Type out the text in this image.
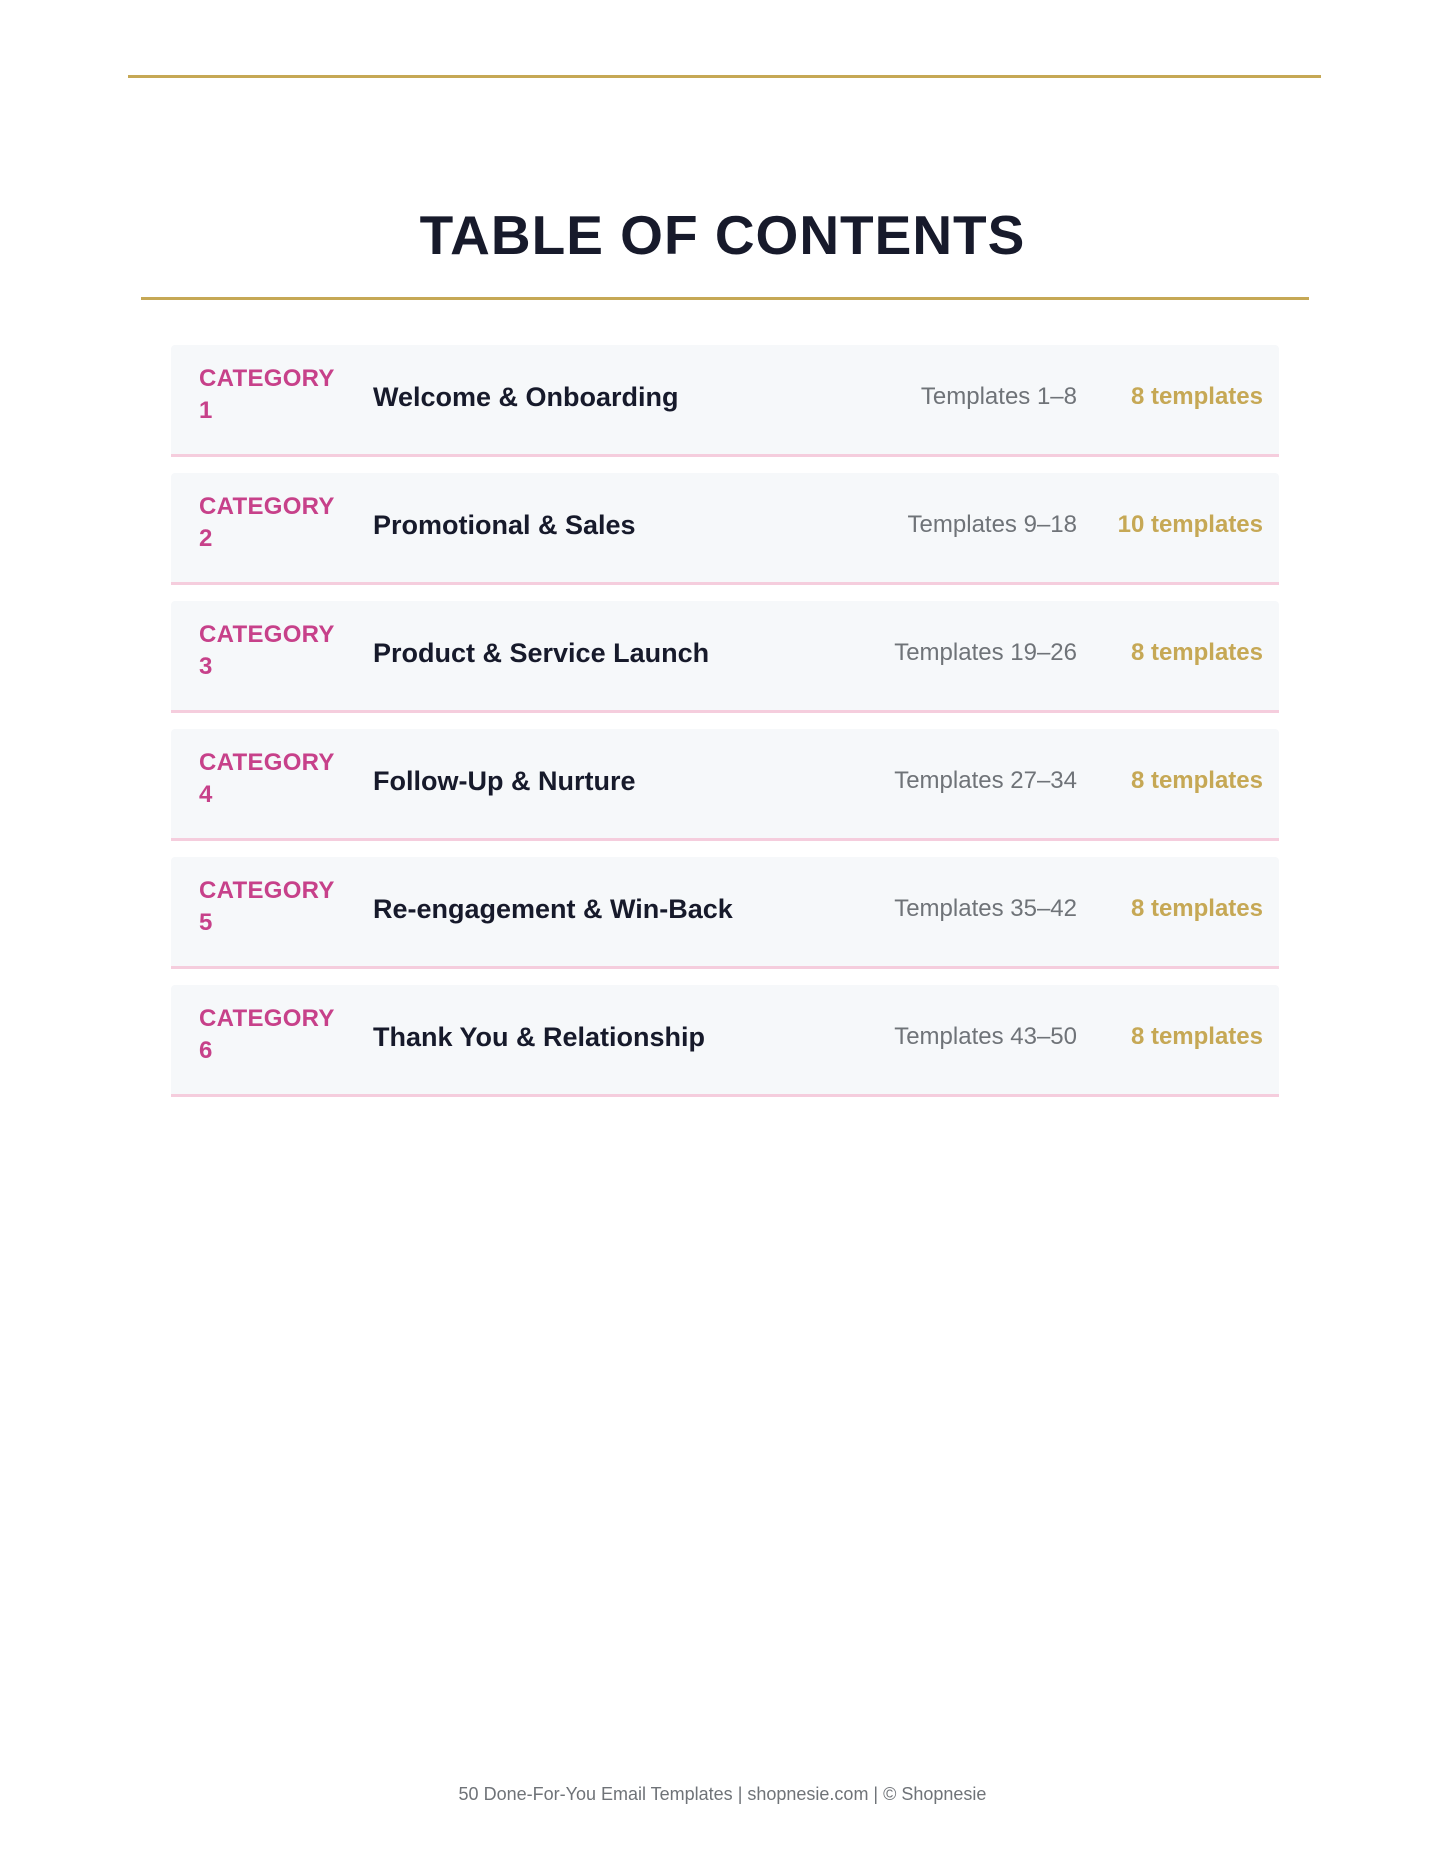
TABLE OF CONTENTS
CATEGORY 1	Welcome & Onboarding	Templates 1–8 8 templates
CATEGORY 2	Promotional & Sales	Templates 9–18 10 templates
CATEGORY 3	Product & Service Launch	Templates 19–26 8 templates
CATEGORY 4	Follow-Up & Nurture	Templates 27–34 8 templates
CATEGORY 5	Re-engagement & Win-Back	Templates 35–42 8 templates
CATEGORY 6	Thank You & Relationship	Templates 43–50 8 templates
50 Done-For-You Email Templates | shopnesie.com | © Shopnesie
